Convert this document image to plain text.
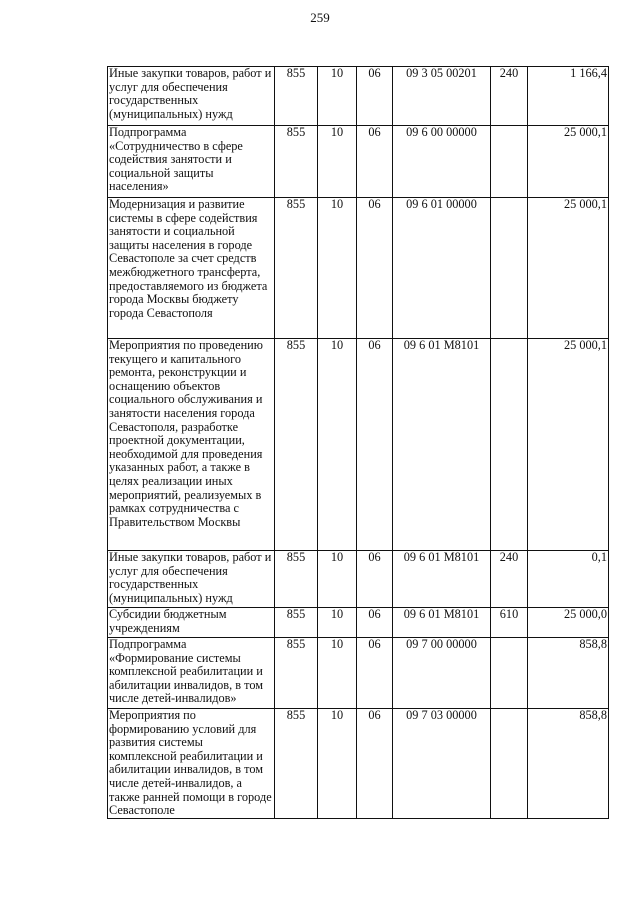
259
Иные закупки товаров, работ и услуг для обеспечения государственных (муниципальных) нужд	855	10	06	09 3 05 00201	240	1 166,4
Подпрограмма «Сотрудничество в сфере содействия занятости и социальной защиты населения»	855	10	06	09 6 00 00000		25 000,1
Модернизация и развитие системы в сфере содействия занятости и социальной защиты населения в городе Севастополе за счет средств межбюджетного трансферта, предоставляемого из бюджета города Москвы бюджету города Севастополя	855	10	06	09 6 01 00000		25 000,1
Мероприятия по проведению текущего и капитального ремонта, реконструкции и оснащению объектов социального обслуживания и занятости населения города Севастополя, разработке проектной документации, необходимой для проведения указанных работ, а также в целях реализации иных мероприятий, реализуемых в рамках сотрудничества с Правительством Москвы	855	10	06	09 6 01 M8101		25 000,1
Иные закупки товаров, работ и услуг для обеспечения государственных (муниципальных) нужд	855	10	06	09 6 01 M8101	240	0,1
Субсидии бюджетным учреждениям	855	10	06	09 6 01 M8101	610	25 000,0
Подпрограмма «Формирование системы комплексной реабилитации и абилитации инвалидов, в том числе детей-инвалидов»	855	10	06	09 7 00 00000		858,8
Мероприятия по формированию условий для развития системы комплексной реабилитации и абилитации инвалидов, в том числе детей-инвалидов, а также ранней помощи в городе Севастополе	855	10	06	09 7 03 00000		858,8
